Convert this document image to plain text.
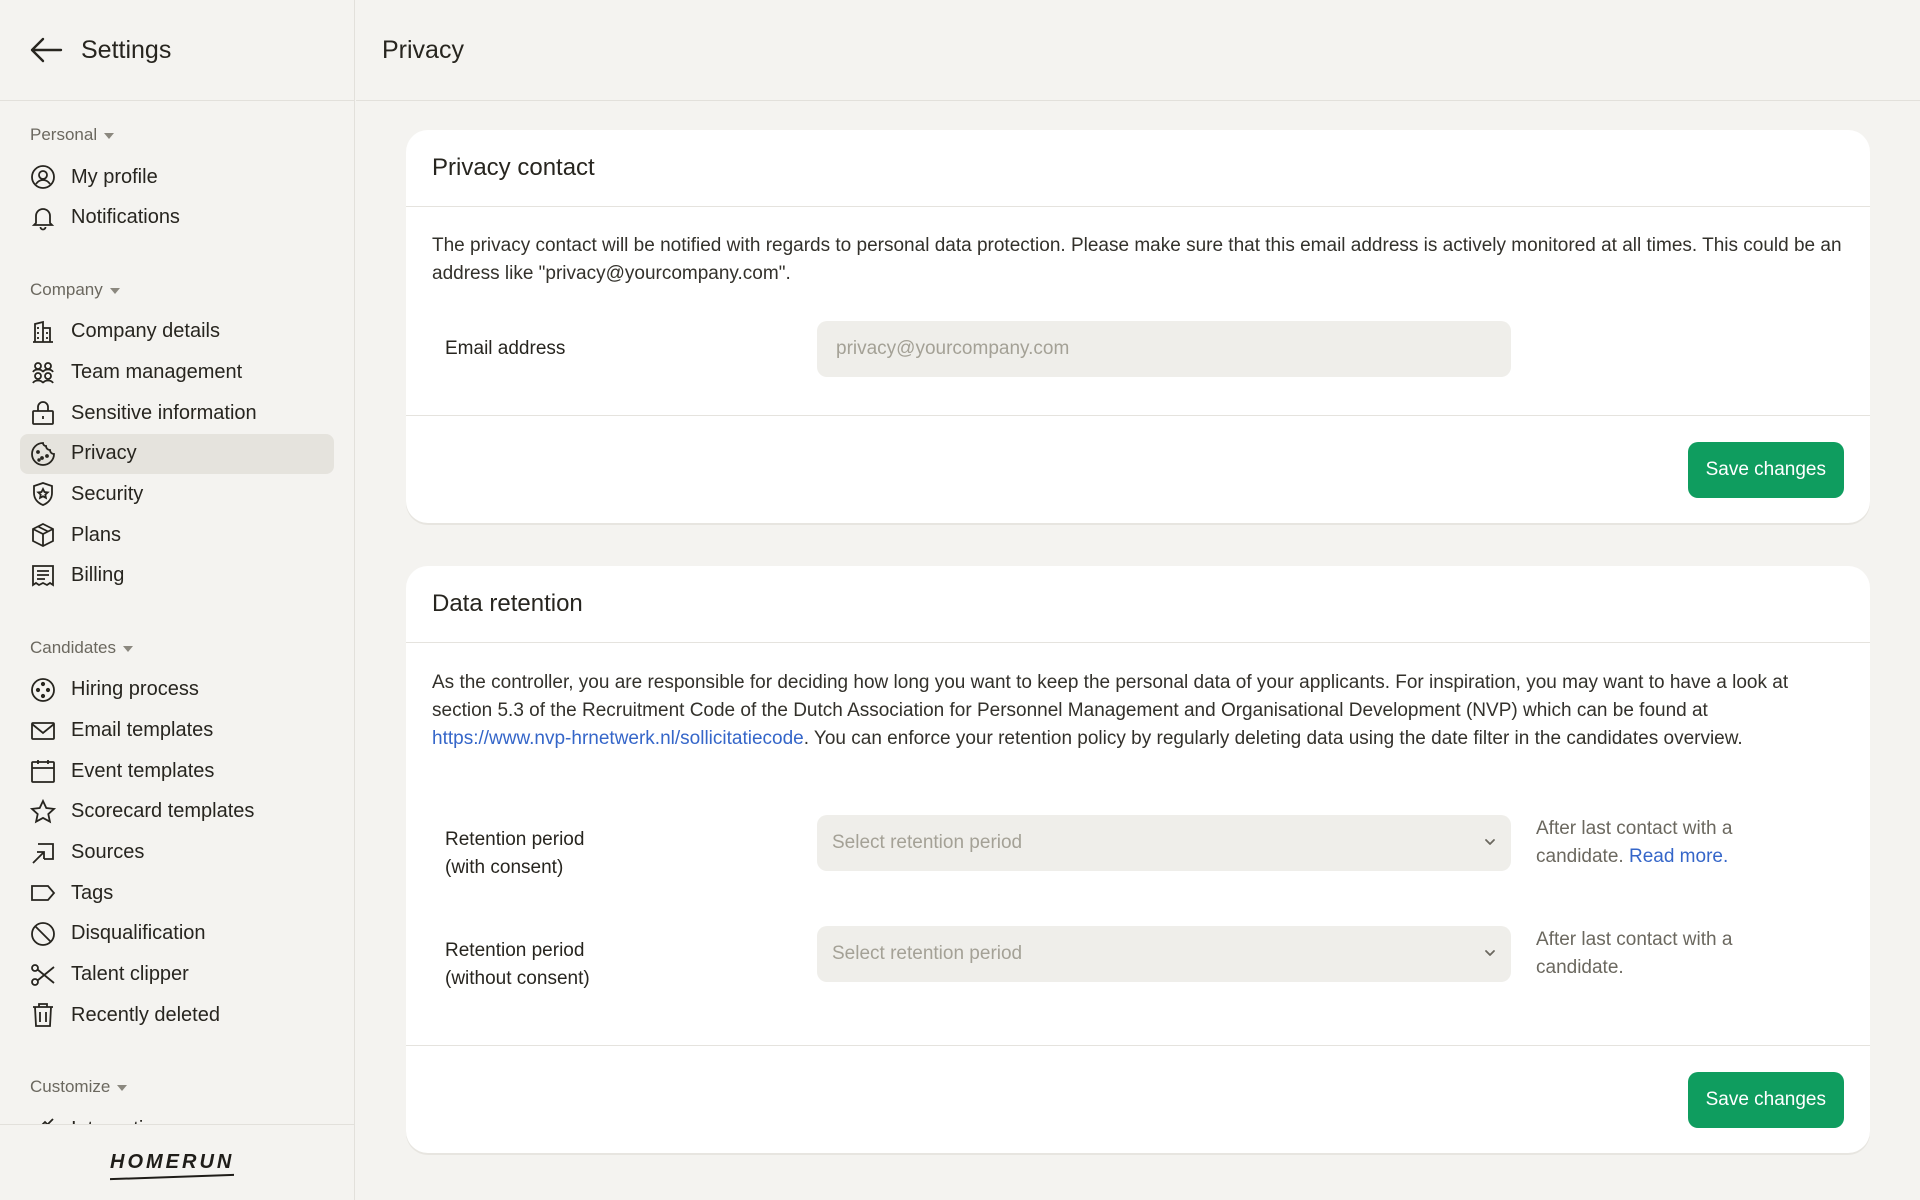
Settings
Personal
My profile
Notifications
Company
Company details
Team management
Sensitive information
Privacy
Security
Plans
Billing
Candidates
Hiring process
Email templates
Event templates
Scorecard templates
Sources
Tags
Disqualification
Talent clipper
Recently deleted
Customize
HOMERUN
Privacy
Privacy contact

The privacy contact will be notified with regards to personal data protection. Please make sure that this email address is actively monitored at all times. This could be an address like "privacy@yourcompany.com".

Email address
privacy@yourcompany.com
Save changes
Data retention

As the controller, you are responsible for deciding how long you want to keep the personal data of your applicants. For inspiration, you may want to have a look at section 5.3 of the Recruitment Code of the Dutch Association for Personnel Management and Organisational Development (NVP) which can be found at https://www.nvp-hrnetwerk.nl/sollicitatiecode. You can enforce your retention policy by regularly deleting data using the date filter in the candidates overview.

Retention period
(with consent)
Select retention period
After last contact with a candidate. Read more.
Retention period
(without consent)
Select retention period
After last contact with a candidate.
Save changes
